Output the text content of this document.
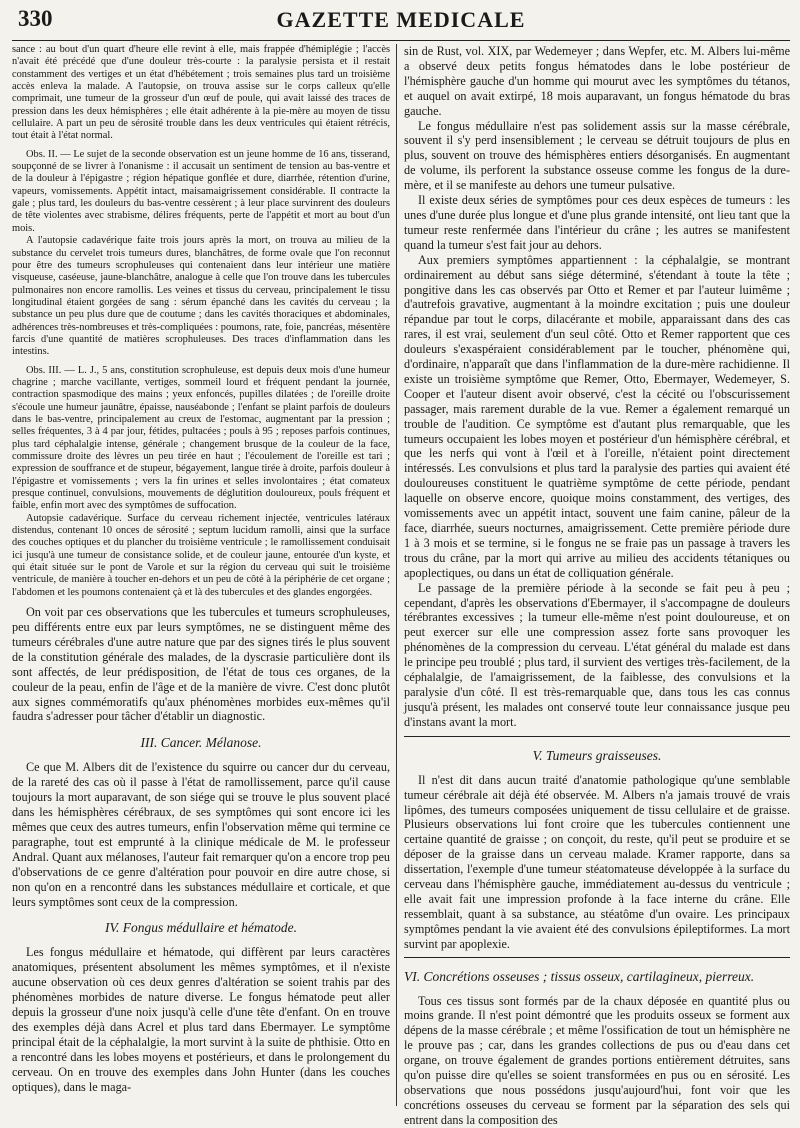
330	GAZETTE MEDICALE

sance : au bout d'un quart d'heure elle revint à elle, mais frappée d'hémiplégie ; l'accès n'avait été précédé que d'une douleur très-courte : la paralysie persista et il restait constamment des vertiges et un état d'hébétement ; trois semaines plus tard un troisième accès enleva la malade. A l'autopsie, on trouva assise sur le corps calleux qu'elle comprimait, une tumeur de la grosseur d'un œuf de poule, qui avait laissé des traces de pression dans les deux hémisphères ; elle était adhérente à la pie-mère au moyen de tissu cellulaire. A part un peu de sérosité trouble dans les deux ventricules qui étaient rétrécis, tout était à l'état normal.

Obs. II. — Le sujet de la seconde observation est un jeune homme de 16 ans, tisserand, soupçonné de se livrer à l'onanisme : il accusait un sentiment de tension au bas-ventre et de la douleur à l'épigastre ; région hépatique gonflée et dure, diarrhée, rétention d'urine, vapeurs, vomissements. Appétit intact, maisamaigrissement considérable. Il contracte la gale ; plus tard, les douleurs du bas-ventre cessèrent ; à leur place survinrent des douleurs de tête violentes avec strabisme, délires fréquents, perte de l'appétit et mort au bout d'un mois.

A l'autopsie cadavérique faite trois jours après la mort, on trouva au milieu de la substance du cervelet trois tumeurs dures, blanchâtres, de forme ovale que l'on reconnut pour être des tumeurs scrophuleuses qui contenaient dans leur intérieur une matière visqueuse, caséeuse, jaune-blanchâtre, analogue à celle que l'on trouve dans les tubercules pulmonaires non encore ramollis. Les veines et tissus du cerveau, principalement le tissu longitudinal étaient gorgées de sang : sérum épanché dans les cavités du cerveau ; la substance un peu plus dure que de coutume ; dans les cavités thoraciques et abdominales, adhérences très-nombreuses et très-compliquées : poumons, rate, foie, pancréas, mésentère farcis d'une quantité de matières scrophuleuses. Des traces d'inflammation dans les intestins.

Obs. III. — L. J., 5 ans, constitution scrophuleuse, est depuis deux mois d'une humeur chagrine ; marche vacillante, vertiges, sommeil lourd et fréquent pendant la journée, contraction spasmodique des mains ; yeux enfoncés, pupilles dilatées ; de l'oreille droite s'écoule une humeur jaunâtre, épaisse, nauséabonde ; l'enfant se plaint parfois de douleurs dans le bas-ventre, principalement au creux de l'estomac, augmentant par la pression ; selles fréquentes, 3 à 4 par jour, fétides, pultacées ; pouls à 95 ; reposes parfois continues, plus tard céphalalgie intense, générale ; changement brusque de la couleur de la face, commissure droite des lèvres un peu tirée en haut ; l'écoulement de l'oreille est tari ; expression de souffrance et de stupeur, bégayement, langue tirée à droite, parfois douleur à l'épigastre et vomissements ; vers la fin urines et selles involontaires ; état comateux presque continuel, convulsions, mouvements de déglutition douloureux, pouls fréquent et faible, enfin mort avec des symptômes de suffocation.

Autopsie cadavérique. Surface du cerveau richement injectée, ventricules latéraux distendus, contenant 10 onces de sérosité ; septum lucidum ramolli, ainsi que la surface des couches optiques et du plancher du troisième ventricule ; le ramollissement conduisait ici jusqu'à une tumeur de consistance solide, et de couleur jaune, entourée d'un kyste, et qui était située sur le pont de Varole et sur la région du cerveau qui suit le troisième ventricule, de manière à toucher en-dehors et un peu de côté à la périphérie de cet organe ; l'abdomen et les poumons contenaient çà et là des tubercules et des glandes engorgées.

On voit par ces observations que les tubercules et tumeurs scrophuleuses, peu différents entre eux par leurs symptômes, ne se distinguent même des tumeurs cérébrales d'une autre nature que par des signes tirés le plus souvent de la constitution générale des malades, de la dyscrasie particulière dont ils sont affectés, de leur prédisposition, de l'état de tous ces organes, de la couleur de la peau, enfin de l'âge et de la manière de vivre. C'est donc plutôt aux signes commémoratifs qu'aux phénomènes morbides eux-mêmes qu'il faudra s'adresser pour tâcher d'établir un diagnostic.

III. Cancer. Mélanose.

Ce que M. Albers dit de l'existence du squirre ou cancer dur du cerveau, de la rareté des cas où il passe à l'état de ramollissement, parce qu'il cause toujours la mort auparavant, de son siége qui se trouve le plus souvent placé dans les hémisphères cérébraux, de ses symptômes qui sont encore ici les mêmes que ceux des autres tumeurs, enfin l'observation même qui termine ce paragraphe, tout est emprunté à la clinique médicale de M. le professeur Andral. Quant aux mélanoses, l'auteur fait remarquer qu'on a encore trop peu d'observations de ce genre d'altération pour pouvoir en dire autre chose, si non qu'on en a rencontré dans les substances médullaire et corticale, et que leurs symptômes sont ceux de la compression.

IV. Fongus médullaire et hématode.

Les fongus médullaire et hématode, qui diffèrent par leurs caractères anatomiques, présentent absolument les mêmes symptômes, et il n'existe aucune observation où ces deux genres d'altération se soient trahis par des phénomènes morbides de nature diverse. Le fongus hématode peut aller depuis la grosseur d'une noix jusqu'à celle d'une tête d'enfant. On en trouve des exemples déjà dans Acrel et plus tard dans Ebermayer. Le symptôme principal était de la céphalalgie, la mort survint à la suite de phthisie. Otto en a rencontré dans les lobes moyens et postérieurs, et dans le prolongement du cerveau. On en trouve des exemples dans John Hunter (dans les couches optiques), dans le maga-

sin de Rust, vol. XIX, par Wedemeyer ; dans Wepfer, etc. M. Albers lui-même a observé deux petits fongus hématodes dans le lobe postérieur de l'hémisphère gauche d'un homme qui mourut avec les symptômes du tétanos, et auquel on avait extirpé, 18 mois auparavant, un fongus hématode du bras gauche.

Le fongus médullaire n'est pas solidement assis sur la masse cérébrale, souvent il s'y perd insensiblement ; le cerveau se détruit toujours de plus en plus, souvent on trouve des hémisphères entiers désorganisés. En augmentant de volume, ils perforent la substance osseuse comme les fongus de la dure-mère, et il se manifeste au dehors une tumeur pulsative.

Il existe deux séries de symptômes pour ces deux espèces de tumeurs : les unes d'une durée plus longue et d'une plus grande intensité, ont lieu tant que la tumeur reste renfermée dans l'intérieur du crâne ; les autres se manifestent quand la tumeur s'est fait jour au dehors.

Aux premiers symptômes appartiennent : la céphalalgie, se montrant ordinairement au début sans siége déterminé, s'étendant à toute la tête ; pongitive dans les cas observés par Otto et Remer et par l'auteur luimême ; d'autrefois gravative, augmentant à la moindre excitation ; puis une douleur répandue par tout le corps, dilacérante et mobile, apparaissant dans des cas rares, il est vrai, seulement d'un seul côté. Otto et Remer rapportent que ces douleurs s'exaspéraient considérablement par le toucher, phénomène qui, d'ordinaire, n'apparaît que dans l'inflammation de la dure-mère rachidienne. Il existe un troisième symptôme que Remer, Otto, Ebermayer, Wedemeyer, S. Cooper et l'auteur disent avoir observé, c'est la cécité ou l'obscurissement passager, mais rarement durable de la vue. Remer a également remarqué un trouble de l'audition. Ce symptôme est d'autant plus remarquable, que les tumeurs occupaient les lobes moyen et postérieur d'un hémisphère cérébral, et que les nerfs qui vont à l'œil et à l'oreille, n'étaient point directement intéressés. Les convulsions et plus tard la paralysie des parties qui avaient été douloureuses constituent le quatrième symptôme de cette période, pendant laquelle on observe encore, quoique moins constamment, des vertiges, des vomissements avec un appétit intact, souvent une faim canine, pâleur de la face, diarrhée, sueurs nocturnes, amaigrissement. Cette première période dure 1 à 3 mois et se termine, si le fongus ne se fraie pas un passage à travers les trous du crâne, par la mort qui arrive au milieu des accidents tétaniques ou apoplectiques, ou dans un état de colliquation générale.

Le passage de la première période à la seconde se fait peu à peu ; cependant, d'après les observations d'Ebermayer, il s'accompagne de douleurs térébrantes excessives ; la tumeur elle-même n'est point douloureuse, et on peut exercer sur elle une compression assez forte sans provoquer les phénomènes de la compression du cerveau. L'état général du malade est dans le principe peu troublé ; plus tard, il survient des vertiges très-facilement, de la céphalalgie, de l'amaigrissement, de la faiblesse, des convulsions et la paralysie d'un côté. Il est très-remarquable que, dans tous les cas connus jusqu'à présent, les malades ont conservé toute leur connaissance jusque peu d'instans avant la mort.

V. Tumeurs graisseuses.

Il n'est dit dans aucun traité d'anatomie pathologique qu'une semblable tumeur cérébrale ait déjà été observée. M. Albers n'a jamais trouvé de vrais lipômes, des tumeurs composées uniquement de tissu cellulaire et de graisse. Plusieurs observations lui font croire que les tubercules contiennent une certaine quantité de graisse ; on conçoit, du reste, qu'il peut se produire et se déposer de la graisse dans un cerveau malade. Kramer rapporte, dans sa dissertation, l'exemple d'une tumeur stéatomateuse développée à la surface du cerveau dans l'hémisphère gauche, immédiatement au-dessus du ventricule ; elle avait fait une impression profonde à la face interne du crâne. Elle ressemblait, quant à sa substance, au stéatôme d'un ovaire. Les principaux symptômes pendant la vie avaient été des convulsions épileptiformes. La mort survint par apoplexie.

VI. Concrétions osseuses ; tissus osseux, cartilagineux, pierreux.

Tous ces tissus sont formés par de la chaux déposée en quantité plus ou moins grande. Il n'est point démontré que les produits osseux se forment aux dépens de la masse cérébrale ; et même l'ossification de tout un hémisphère ne le prouve pas ; car, dans les grandes collections de pus ou d'eau dans cet organe, on trouve également de grandes portions entièrement détruites, sans qu'on puisse dire qu'elles se soient transformées en pus ou en sérosité. Les observations que nous possédons jusqu'aujourd'hui, font voir que les concrétions osseuses du cerveau se forment par la séparation des sels qui entrent dans la composition des
